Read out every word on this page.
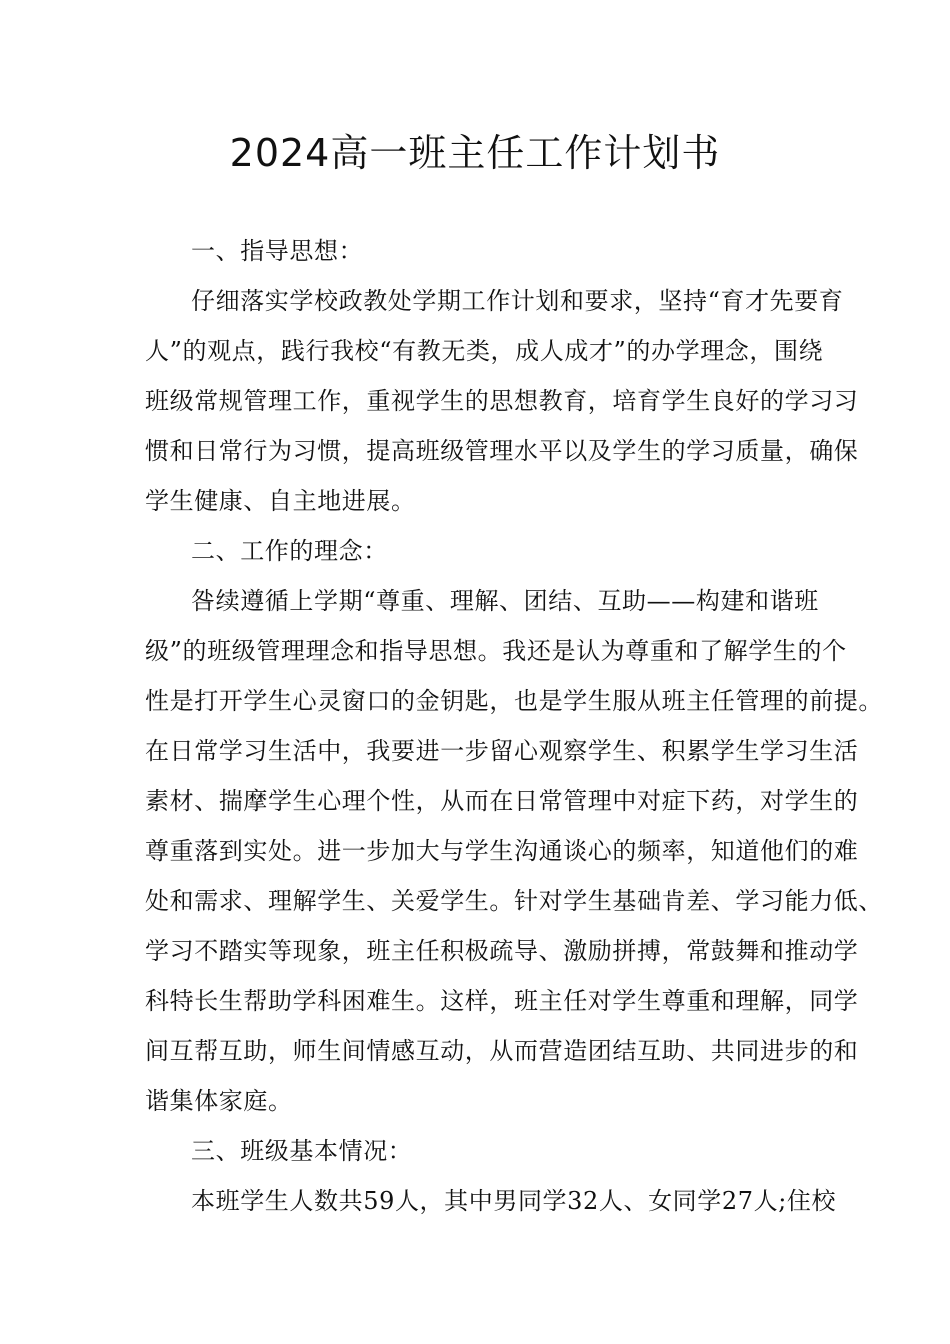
2024高一班主任工作计划书
一、指导思想：
仔细落实学校政教处学期工作计划和要求，坚持“育才先要育
人”的观点，践行我校“有教无类，成人成才”的办学理念，围绕
班级常规管理工作，重视学生的思想教育，培育学生良好的学习习
惯和日常行为习惯，提高班级管理水平以及学生的学习质量，确保
学生健康、自主地进展。
二、工作的理念：
咎续遵循上学期“尊重、理解、团结、互助——构建和谐班
级”的班级管理理念和指导思想。我还是认为尊重和了解学生的个
性是打开学生心灵窗口的金钥匙，也是学生服从班主任管理的前提。
在日常学习生活中，我要进一步留心观察学生、积累学生学习生活
素材、揣摩学生心理个性，从而在日常管理中对症下药，对学生的
尊重落到实处。进一步加大与学生沟通谈心的频率，知道他们的难
处和需求、理解学生、关爱学生。针对学生基础肯差、学习能力低、
学习不踏实等现象，班主任积极疏导、激励拼搏，常鼓舞和推动学
科特长生帮助学科困难生。这样，班主任对学生尊重和理解，同学
间互帮互助，师生间情感互动，从而营造团结互助、共同进步的和
谐集体家庭。
三、班级基本情况：
本班学生人数共59人，其中男同学32人、女同学27人;住校
